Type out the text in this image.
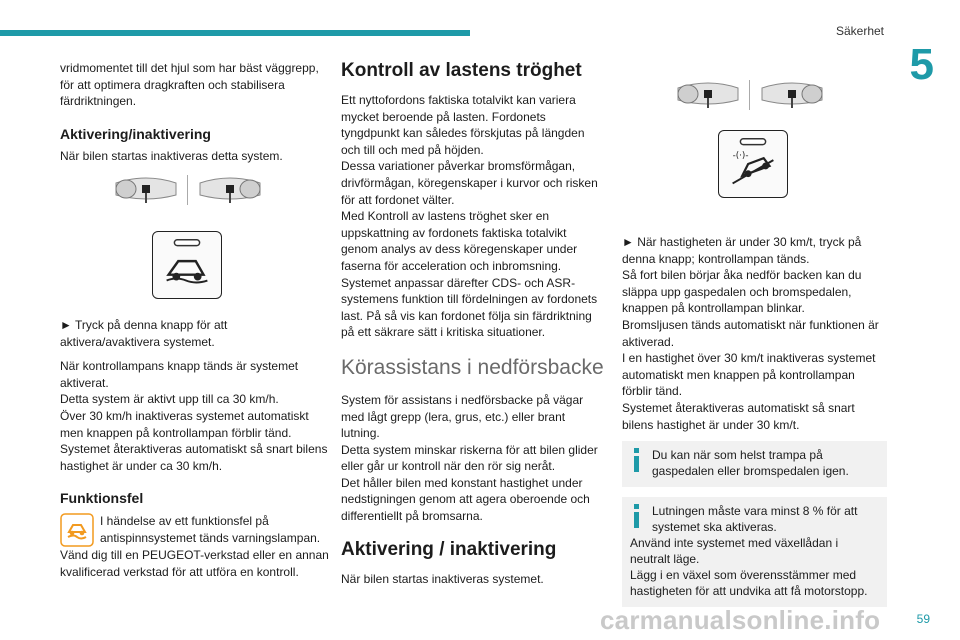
Säkerhet
5

vridmomentet till det hjul som har bäst väggrepp, för att optimera dragkraften och stabilisera färdriktningen.

Aktivering/inaktivering

När bilen startas inaktiveras detta system.

► Tryck på denna knapp för att aktivera/avaktivera systemet.

När kontrollampans knapp tänds är systemet aktiverat.

Detta system är aktivt upp till ca 30 km/h.

Över 30 km/h inaktiveras systemet automatiskt men knappen på kontrollampan förblir tänd.

Systemet återaktiveras automatiskt så snart bilens hastighet är under ca 30 km/h.

Funktionsfel

I händelse av ett funktionsfel på antispinnsystemet tänds varningslampan.

Vänd dig till en PEUGEOT-verkstad eller en annan kvalificerad verkstad för att utföra en kontroll.

Kontroll av lastens tröghet

Ett nyttofordons faktiska totalvikt kan variera mycket beroende på lasten. Fordonets tyngdpunkt kan således förskjutas på längden och till och med på höjden.

Dessa variationer påverkar bromsförmågan, drivförmågan, köregenskaper i kurvor och risken för att fordonet välter.

Med Kontroll av lastens tröghet sker en uppskattning av fordonets faktiska totalvikt genom analys av dess köregenskaper under faserna för acceleration och inbromsning.

Systemet anpassar därefter CDS- och ASR-systemens funktion till fördelningen av fordonets last. På så vis kan fordonet följa sin färdriktning på ett säkrare sätt i kritiska situationer.

Körassistans i nedförsbacke

System för assistans i nedförsbacke på vägar med lågt grepp (lera, grus, etc.) eller brant lutning.

Detta system minskar riskerna för att bilen glider eller går ur kontroll när den rör sig neråt.

Det håller bilen med konstant hastighet under nedstigningen genom att agera oberoende och differentiellt på bromsarna.

Aktivering / inaktivering

När bilen startas inaktiveras systemet.

-(·)-

► När hastigheten är under 30 km/t, tryck på denna knapp; kontrollampan tänds.

Så fort bilen börjar åka nedför backen kan du släppa upp gaspedalen och bromspedalen, knappen på kontrollampan blinkar.

Bromsljusen tänds automatiskt när funktionen är aktiverad.

I en hastighet över 30 km/t inaktiveras systemet automatiskt men knappen på kontrollampan förblir tänd.

Systemet återaktiveras automatiskt så snart bilens hastighet är under 30 km/t.

Du kan när som helst trampa på gaspedalen eller bromspedalen igen.

Lutningen måste vara minst 8 % för att systemet ska aktiveras.

Använd inte systemet med växellådan i neutralt läge.

Lägg i en växel som överensstämmer med hastigheten för att undvika att få motorstopp.

carmanualsonline.info	59
